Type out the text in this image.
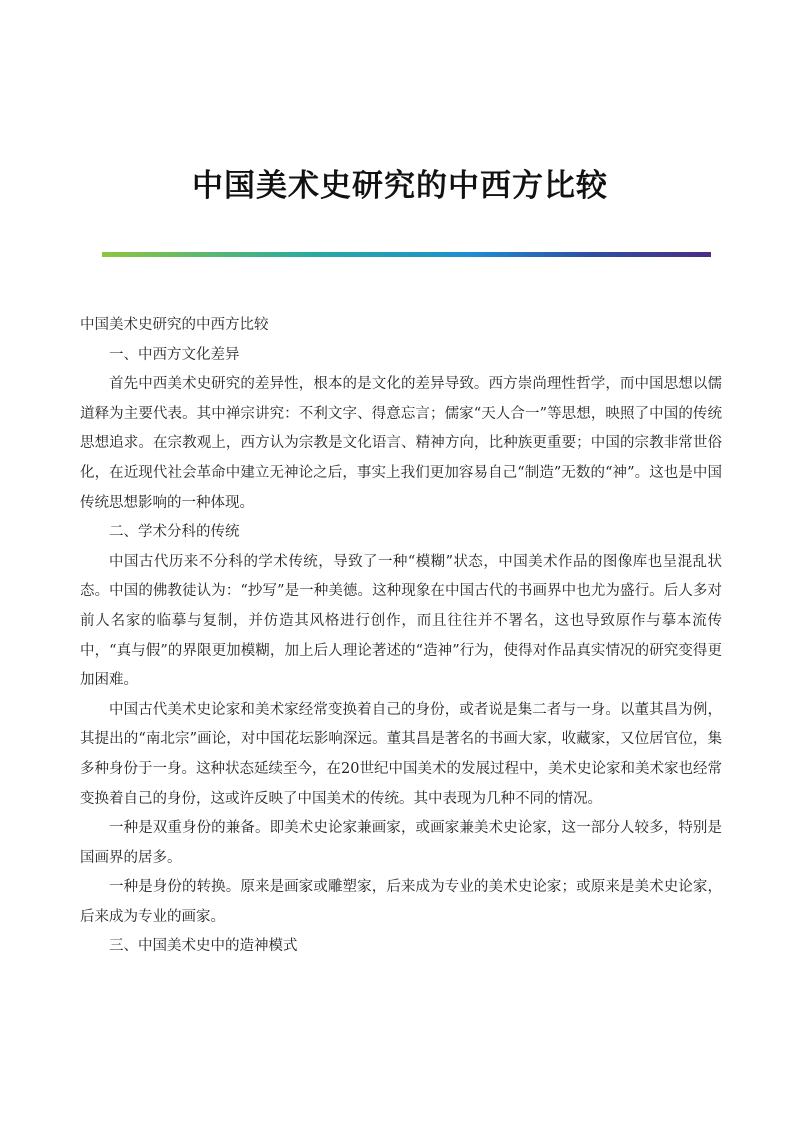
中国美术史研究的中西方比较

中国美术史研究的中西方比较

一、中西方文化差异

首先中西美术史研究的差异性，根本的是文化的差异导致。西方崇尚理性哲学，而中国思想以儒道释为主要代表。其中禅宗讲究：不利文字、得意忘言；儒家“天人合一”等思想，映照了中国的传统思想追求。在宗教观上，西方认为宗教是文化语言、精神方向，比种族更重要；中国的宗教非常世俗化，在近现代社会革命中建立无神论之后，事实上我们更加容易自己“制造”无数的“神”。这也是中国传统思想影响的一种体现。

二、学术分科的传统

中国古代历来不分科的学术传统，导致了一种“模糊”状态，中国美术作品的图像库也呈混乱状态。中国的佛教徒认为：“抄写”是一种美德。这种现象在中国古代的书画界中也尤为盛行。后人多对前人名家的临摹与复制，并仿造其风格进行创作，而且往往并不署名，这也导致原作与摹本流传中，“真与假”的界限更加模糊，加上后人理论著述的“造神”行为，使得对作品真实情况的研究变得更加困难。

中国古代美术史论家和美术家经常变换着自己的身份，或者说是集二者与一身。以董其昌为例，其提出的“南北宗”画论，对中国花坛影响深远。董其昌是著名的书画大家，收藏家，又位居官位，集多种身份于一身。这种状态延续至今，在20世纪中国美术的发展过程中，美术史论家和美术家也经常变换着自己的身份，这或许反映了中国美术的传统。其中表现为几种不同的情况。

一种是双重身份的兼备。即美术史论家兼画家，或画家兼美术史论家，这一部分人较多，特别是国画界的居多。

一种是身份的转换。原来是画家或雕塑家，后来成为专业的美术史论家；或原来是美术史论家，后来成为专业的画家。

三、中国美术史中的造神模式
